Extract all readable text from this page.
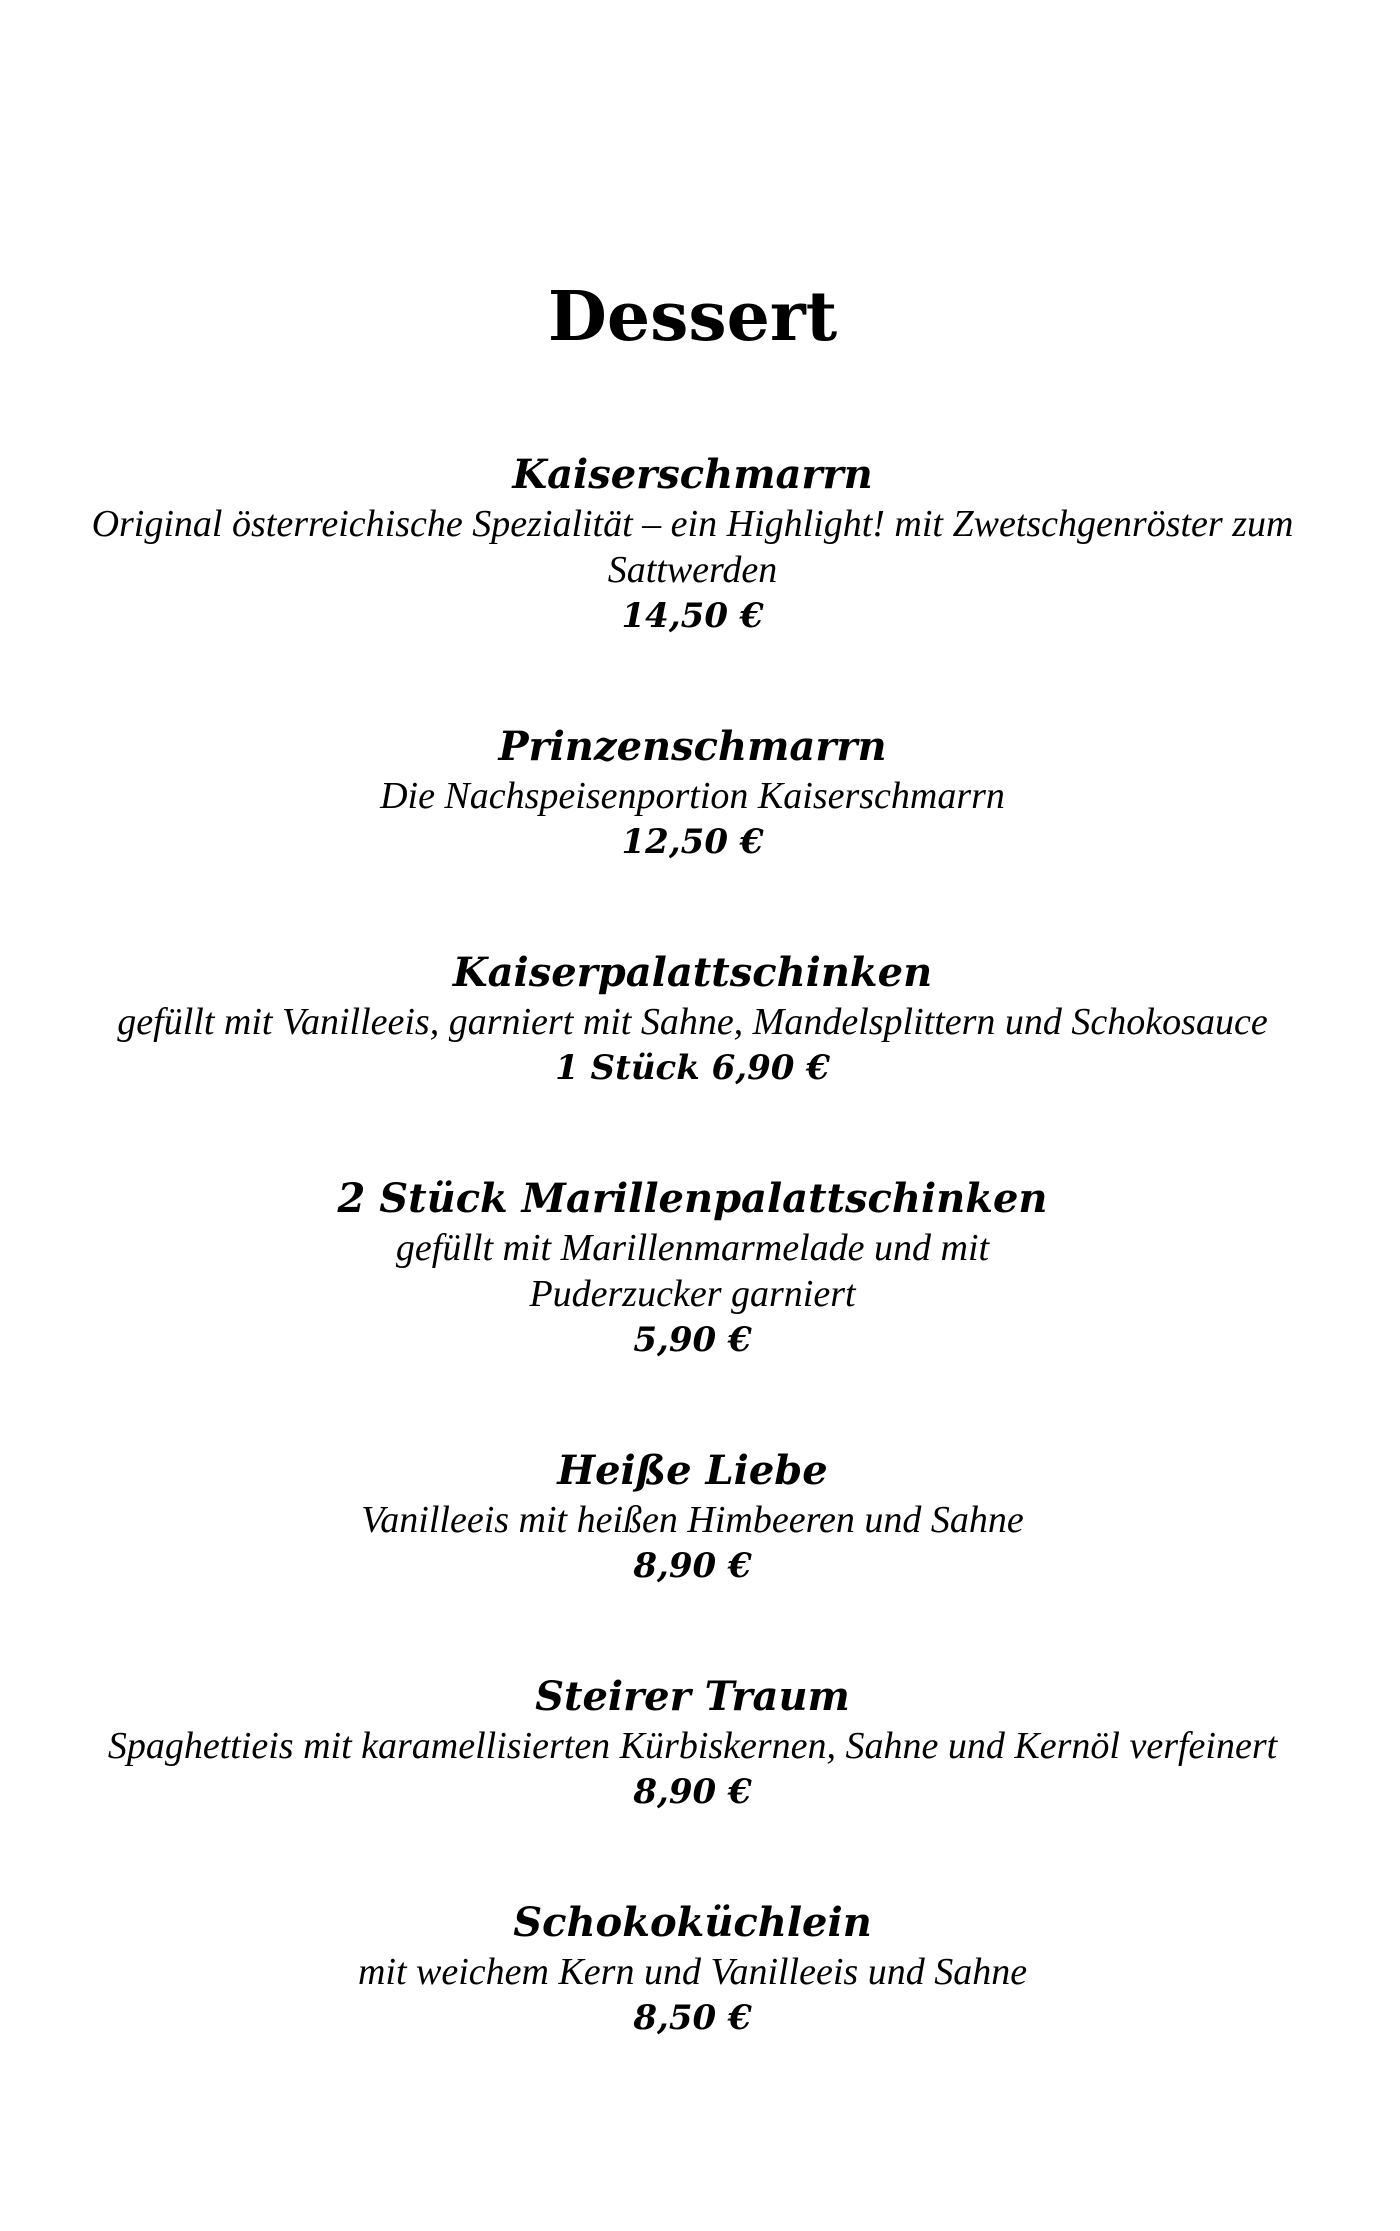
Dessert
Kaiserschmarrn
Original österreichische Spezialität – ein Highlight! mit Zwetschgenröster zum Sattwerden
14,50 €
Prinzenschmarrn
Die Nachspeisenportion Kaiserschmarrn
12,50 €
Kaiserpalattschinken
gefüllt mit Vanilleeis, garniert mit Sahne, Mandelsplittern und Schokosauce
1 Stück 6,90 €
2 Stück Marillenpalattschinken
gefüllt mit Marillenmarmelade und mit Puderzucker garniert
5,90 €
Heiße Liebe
Vanilleeis mit heißen Himbeeren und Sahne
8,90 €
Steirer Traum
Spaghettieis mit karamellisierten Kürbiskernen, Sahne und Kernöl verfeinert
8,90 €
Schokoküchlein
mit weichem Kern und Vanilleeis und Sahne
8,50 €
